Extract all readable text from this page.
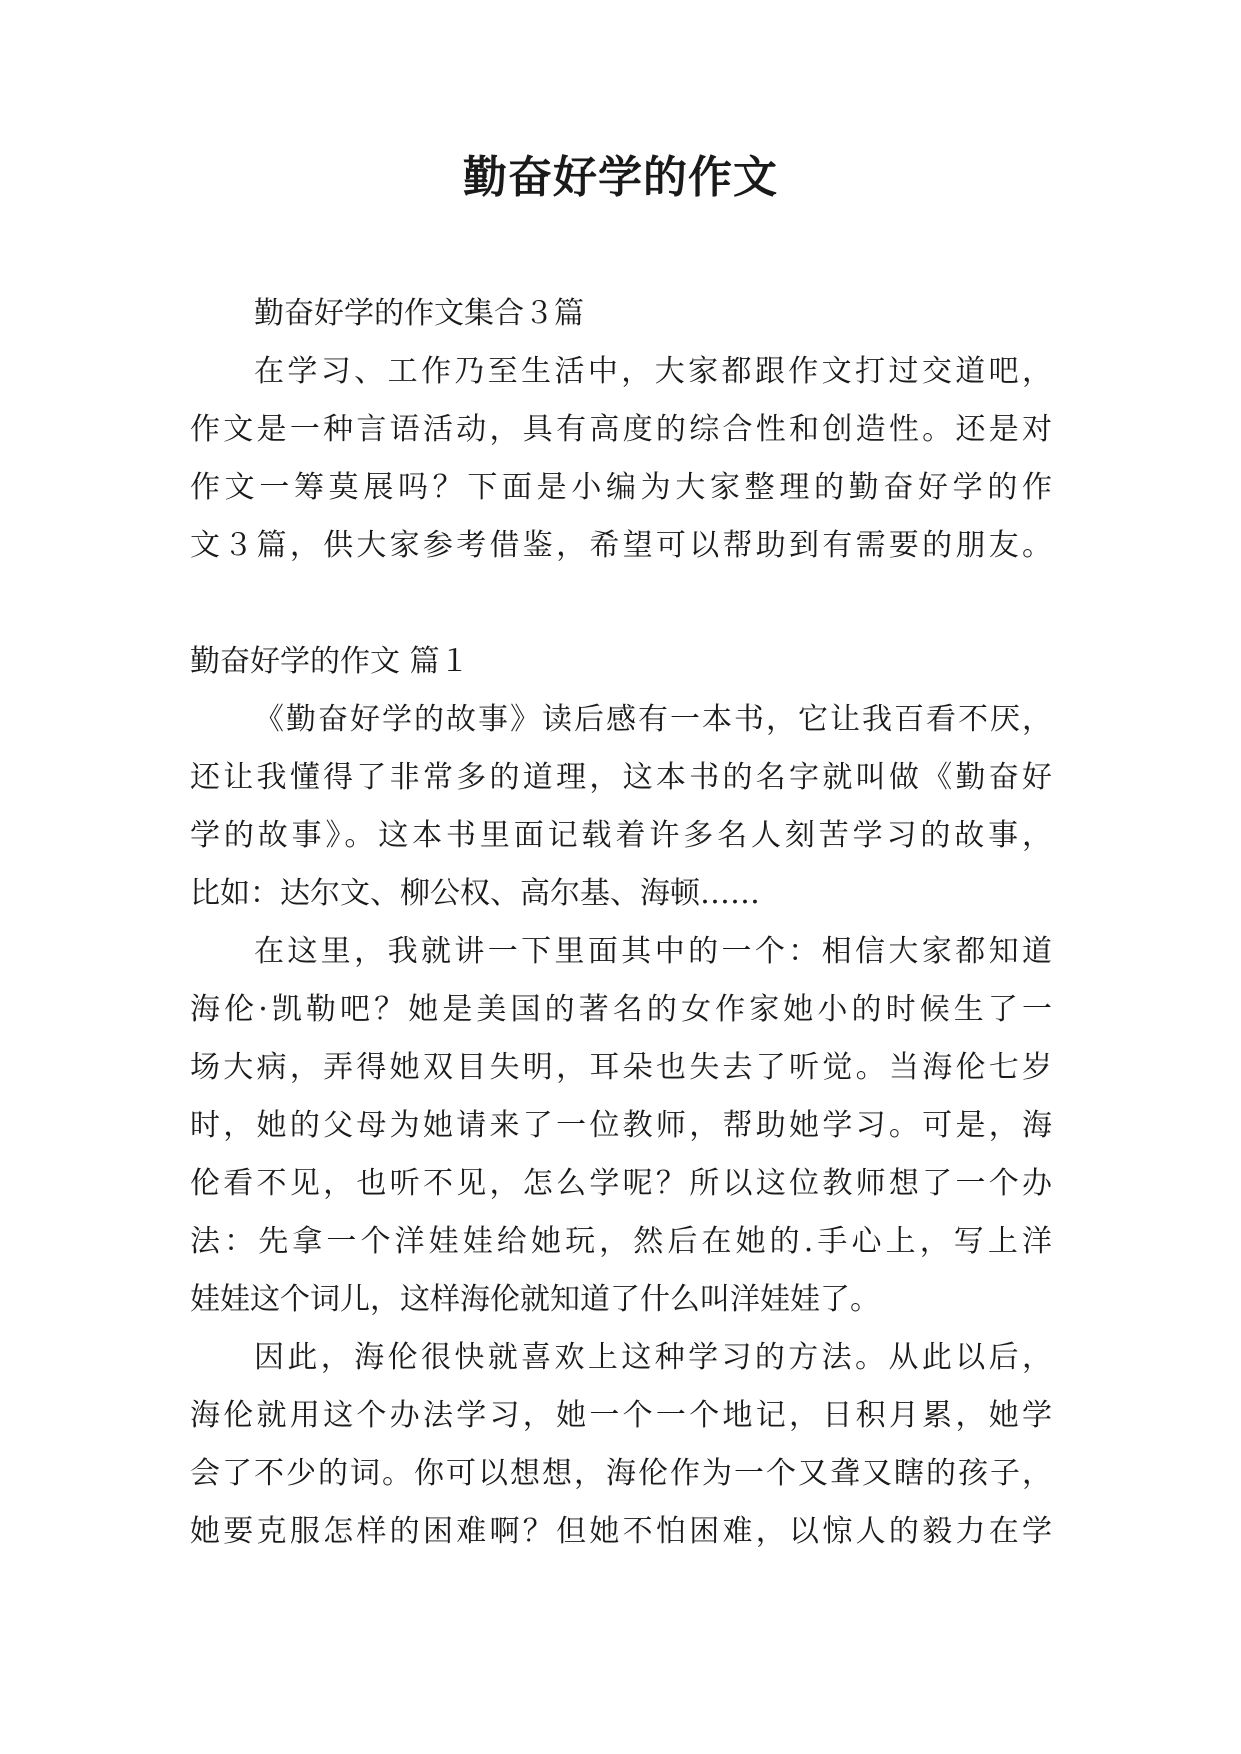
勤奋好学的作文
勤奋好学的作文集合３篇
在学习、工作乃至生活中，大家都跟作文打过交道吧，
作文是一种言语活动，具有高度的综合性和创造性。还是对
作文一筹莫展吗？下面是小编为大家整理的勤奋好学的作
文３篇，供大家参考借鉴，希望可以帮助到有需要的朋友。
勤奋好学的作文 篇１
《勤奋好学的故事》读后感有一本书，它让我百看不厌，
还让我懂得了非常多的道理，这本书的名字就叫做《勤奋好
学的故事》。这本书里面记载着许多名人刻苦学习的故事，
比如：达尔文、柳公权、高尔基、海顿……
在这里，我就讲一下里面其中的一个：相信大家都知道
海伦·凯勒吧？她是美国的著名的女作家她小的时候生了一
场大病，弄得她双目失明，耳朵也失去了听觉。当海伦七岁
时，她的父母为她请来了一位教师，帮助她学习。可是，海
伦看不见，也听不见，怎么学呢？所以这位教师想了一个办
法：先拿一个洋娃娃给她玩，然后在她的.手心上，写上洋
娃娃这个词儿，这样海伦就知道了什么叫洋娃娃了。
因此，海伦很快就喜欢上这种学习的方法。从此以后，
海伦就用这个办法学习，她一个一个地记，日积月累，她学
会了不少的词。你可以想想，海伦作为一个又聋又瞎的孩子，
她要克服怎样的困难啊？但她不怕困难，以惊人的毅力在学
